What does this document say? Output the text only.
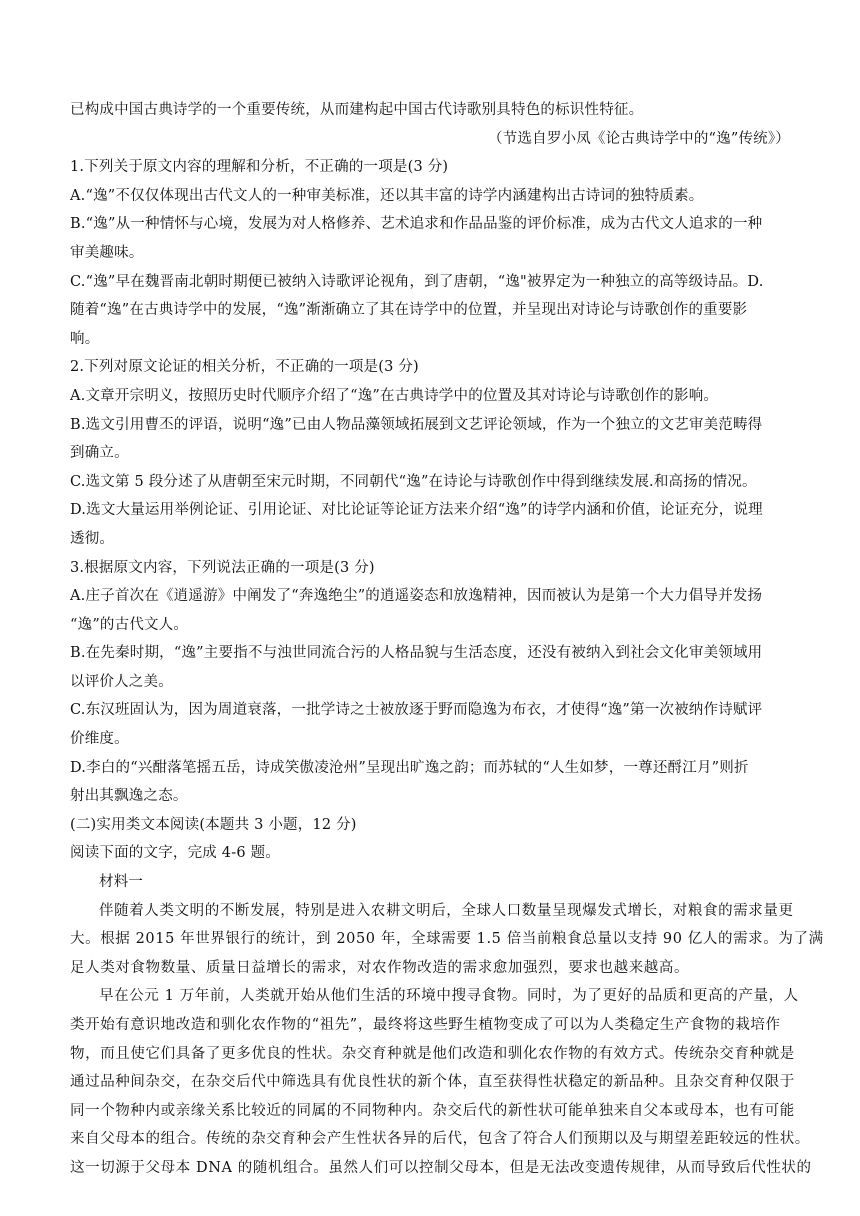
已构成中国古典诗学的一个重要传统，从而建构起中国古代诗歌别具特色的标识性特征。
（节选自罗小凤《论古典诗学中的“逸”传统》）
1.下列关于原文内容的理解和分析，不正确的一项是(3 分)
A.“逸”不仅仅体现出古代文人的一种审美标准，还以其丰富的诗学内涵建构出古诗词的独特质素。
B.“逸”从一种情怀与心境，发展为对人格修养、艺术追求和作品品鉴的评价标准，成为古代文人追求的一种
审美趣味。
C.“逸”早在魏晋南北朝时期便已被纳入诗歌评论视角，到了唐朝，“逸"被界定为一种独立的高等级诗品。D.
随着“逸”在古典诗学中的发展，“逸”渐渐确立了其在诗学中的位置，并呈现出对诗论与诗歌创作的重要影
响。
2.下列对原文论证的相关分析，不正确的一项是(3 分)
A.文章开宗明义，按照历史时代顺序介绍了“逸”在古典诗学中的位置及其对诗论与诗歌创作的影响。
B.选文引用曹丕的评语，说明“逸”已由人物品藻领域拓展到文艺评论领域，作为一个独立的文艺审美范畴得
到确立。
C.选文第 5 段分述了从唐朝至宋元时期，不同朝代“逸”在诗论与诗歌创作中得到继续发展.和高扬的情况。
D.选文大量运用举例论证、引用论证、对比论证等论证方法来介绍“逸”的诗学内涵和价值，论证充分，说理
透彻。
3.根据原文内容，下列说法正确的一项是(3 分)
A.庄子首次在《逍遥游》中阐发了“奔逸绝尘”的逍遥姿态和放逸精神，因而被认为是第一个大力倡导并发扬
“逸”的古代文人。
B.在先秦时期，“逸”主要指不与浊世同流合污的人格品貌与生活态度，还没有被纳入到社会文化审美领域用
以评价人之美。
C.东汉班固认为，因为周道衰落，一批学诗之士被放逐于野而隐逸为布衣，才使得“逸”第一次被纳作诗赋评
价维度。
D.李白的“兴酣落笔摇五岳，诗成笑傲凌沧州”呈现出旷逸之韵；而苏轼的“人生如梦，一尊还酹江月”则折
射出其飘逸之态。
(二)实用类文本阅读(本题共 3 小题，12 分)
阅读下面的文字，完成 4-6 题。
材料一
伴随着人类文明的不断发展，特别是进入农耕文明后，全球人口数量呈现爆发式增长，对粮食的需求量更
大。根据 2015 年世界银行的统计，到 2050 年，全球需要 1.5 倍当前粮食总量以支持 90 亿人的需求。为了满
足人类对食物数量、质量日益增长的需求，对农作物改造的需求愈加强烈，要求也越来越高。
早在公元 1 万年前，人类就开始从他们生活的环境中搜寻食物。同时，为了更好的品质和更高的产量，人
类开始有意识地改造和驯化农作物的“祖先”，最终将这些野生植物变成了可以为人类稳定生产食物的栽培作
物，而且使它们具备了更多优良的性状。杂交育种就是他们改造和驯化农作物的有效方式。传统杂交育种就是
通过品种间杂交，在杂交后代中筛选具有优良性状的新个体，直至获得性状稳定的新品种。且杂交育种仅限于
同一个物种内或亲缘关系比较近的同属的不同物种内。杂交后代的新性状可能单独来自父本或母本，也有可能
来自父母本的组合。传统的杂交育种会产生性状各异的后代，包含了符合人们预期以及与期望差距较远的性状。
这一切源于父母本 DNA 的随机组合。虽然人们可以控制父母本，但是无法改变遗传规律，从而导致后代性状的
